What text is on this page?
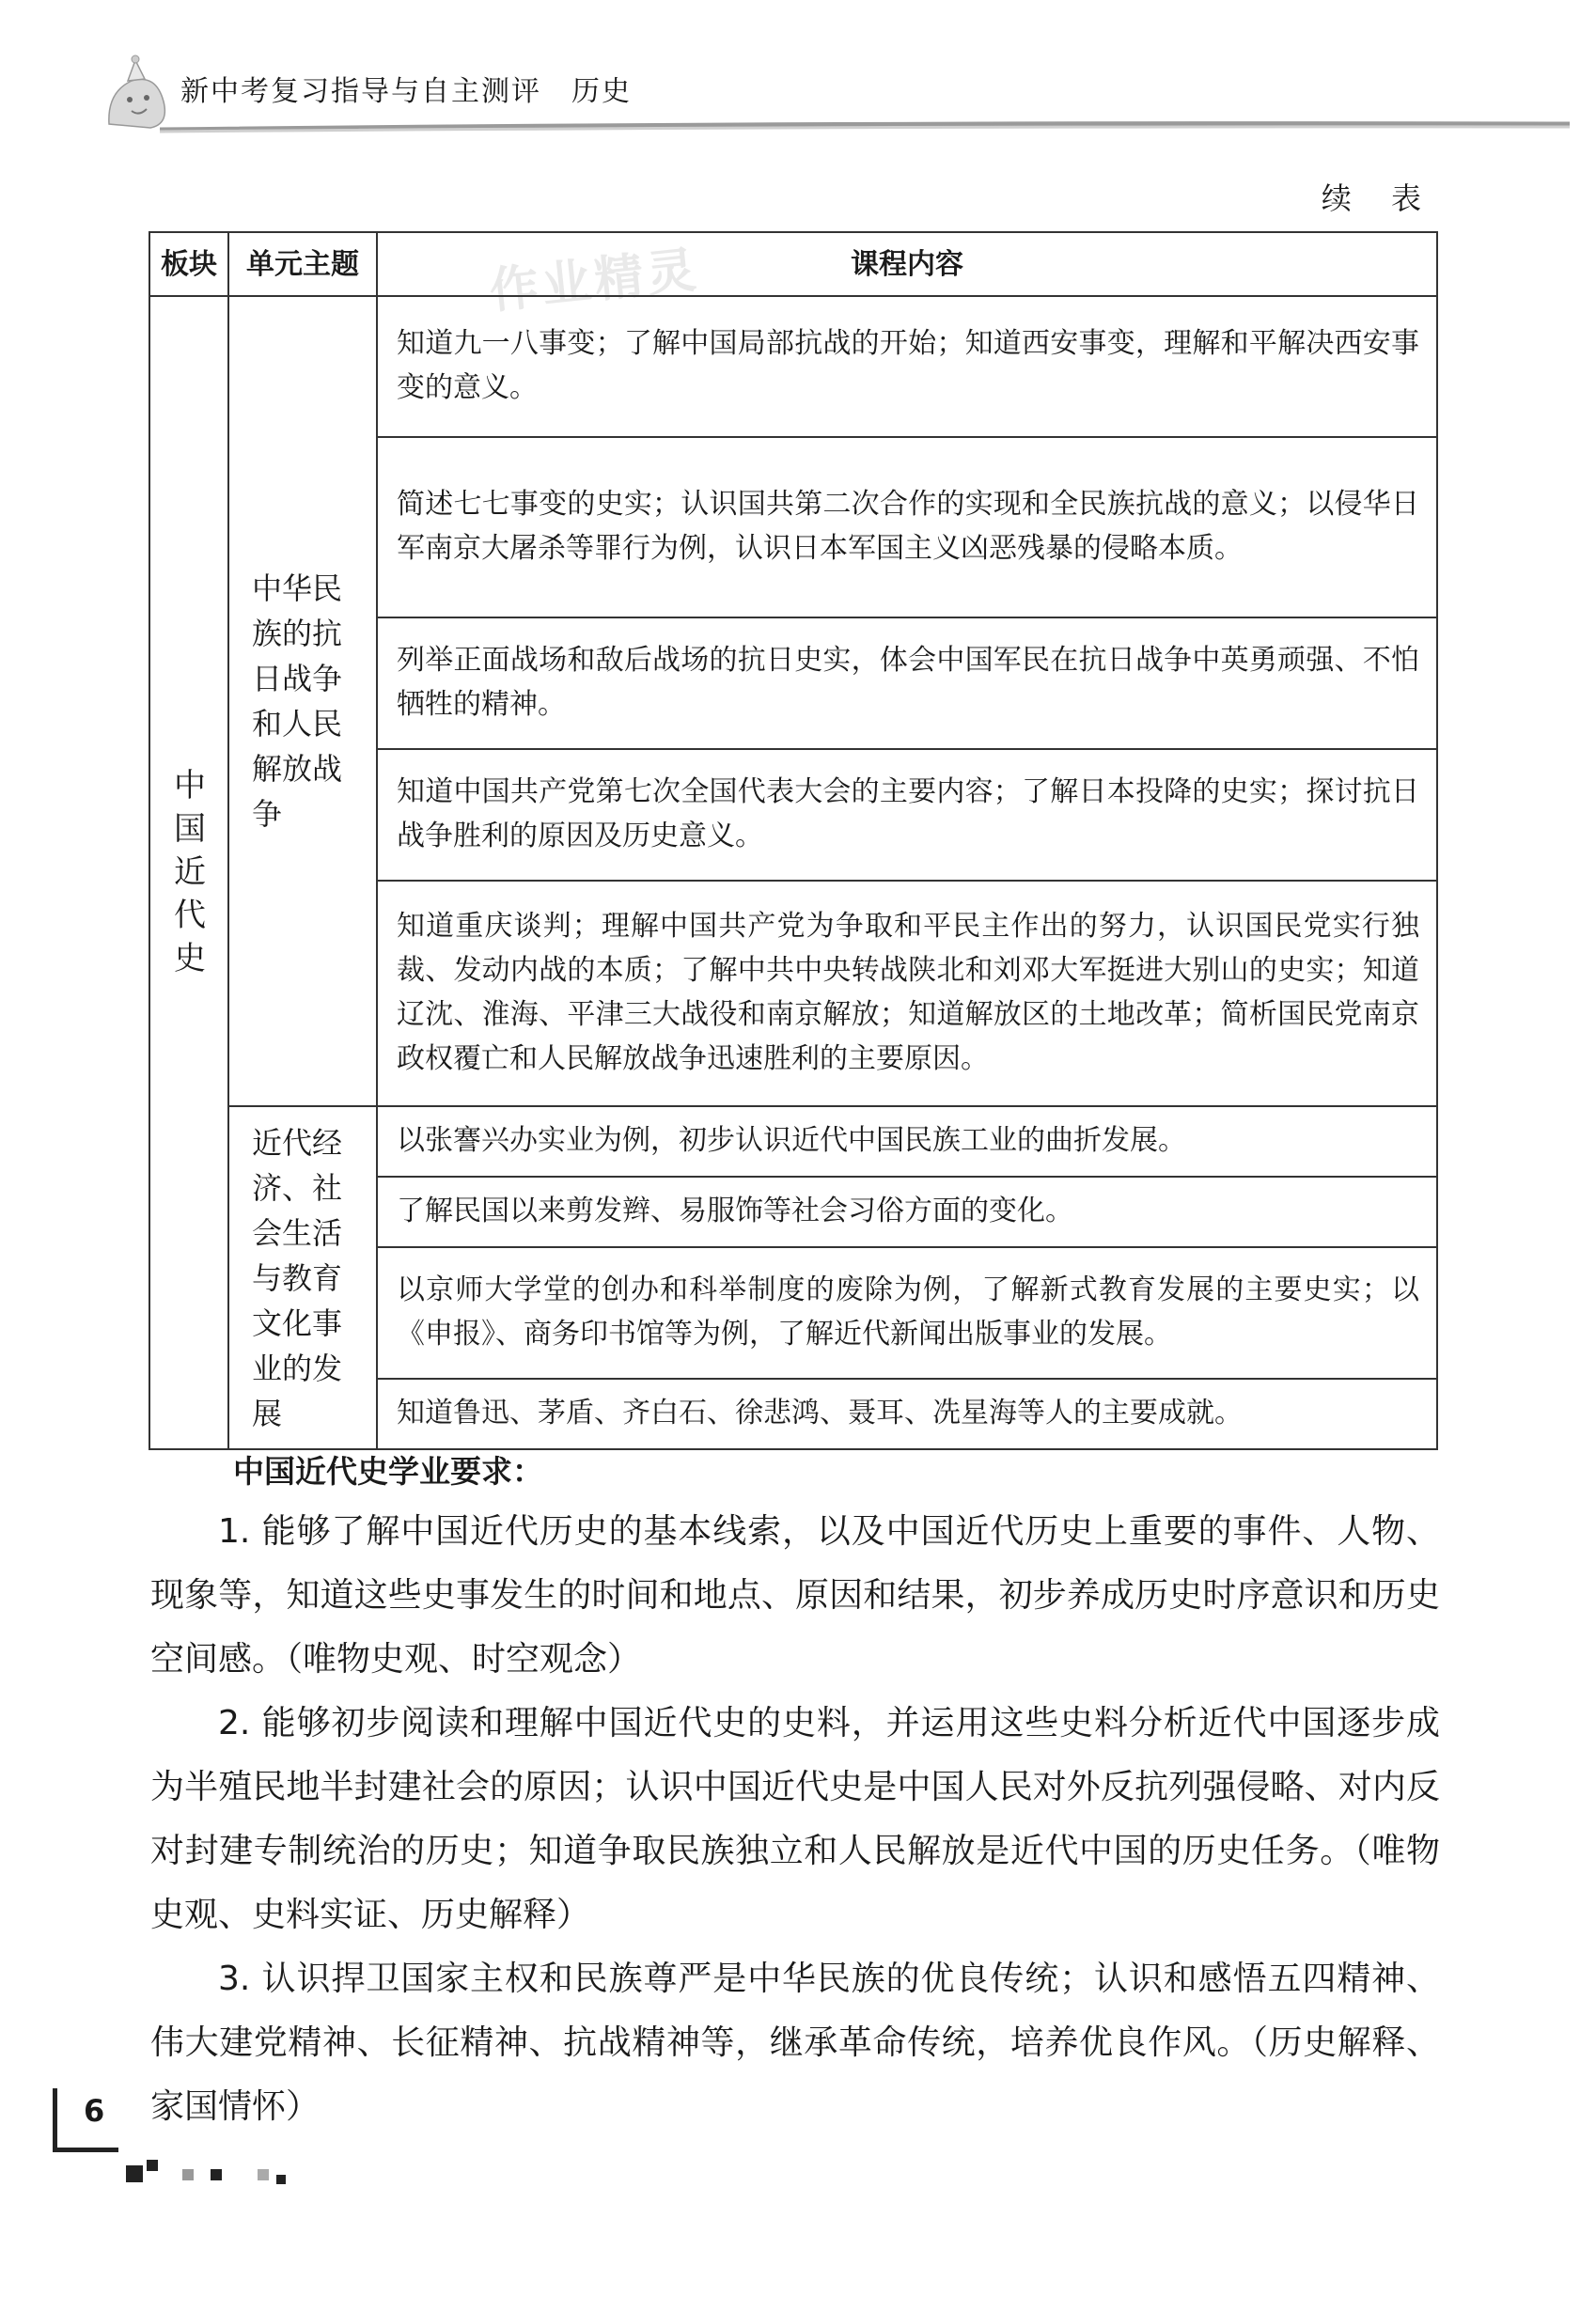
新中考复习指导与自主测评　历史
续 表
作业精灵
板块	单元主题	课程内容
中国近代史	中华民族的抗日战争和人民解放战争	知道九一八事变；了解中国局部抗战的开始；知道西安事变，理解和平解决西安事变的意义。
		简述七七事变的史实；认识国共第二次合作的实现和全民族抗战的意义；以侵华日军南京大屠杀等罪行为例，认识日本军国主义凶恶残暴的侵略本质。
		列举正面战场和敌后战场的抗日史实，体会中国军民在抗日战争中英勇顽强、不怕牺牲的精神。
		知道中国共产党第七次全国代表大会的主要内容；了解日本投降的史实；探讨抗日战争胜利的原因及历史意义。
		知道重庆谈判；理解中国共产党为争取和平民主作出的努力，认识国民党实行独裁、发动内战的本质；了解中共中央转战陕北和刘邓大军挺进大别山的史实；知道辽沈、淮海、平津三大战役和南京解放；知道解放区的土地改革；简析国民党南京政权覆亡和人民解放战争迅速胜利的主要原因。
	近代经济、社会生活与教育文化事业的发展	以张謇兴办实业为例，初步认识近代中国民族工业的曲折发展。
		了解民国以来剪发辫、易服饰等社会习俗方面的变化。
		以京师大学堂的创办和科举制度的废除为例，了解新式教育发展的主要史实；以《申报》、商务印书馆等为例，了解近代新闻出版事业的发展。
		知道鲁迅、茅盾、齐白石、徐悲鸿、聂耳、冼星海等人的主要成就。
中国近代史学业要求：
1. 能够了解中国近代历史的基本线索，以及中国近代历史上重要的事件、人物、现象等，知道这些史事发生的时间和地点、原因和结果，初步养成历史时序意识和历史空间感。（唯物史观、时空观念）
2. 能够初步阅读和理解中国近代史的史料，并运用这些史料分析近代中国逐步成为半殖民地半封建社会的原因；认识中国近代史是中国人民对外反抗列强侵略、对内反对封建专制统治的历史；知道争取民族独立和人民解放是近代中国的历史任务。（唯物史观、史料实证、历史解释）
3. 认识捍卫国家主权和民族尊严是中华民族的优良传统；认识和感悟五四精神、伟大建党精神、长征精神、抗战精神等，继承革命传统，培养优良作风。（历史解释、家国情怀）
6
